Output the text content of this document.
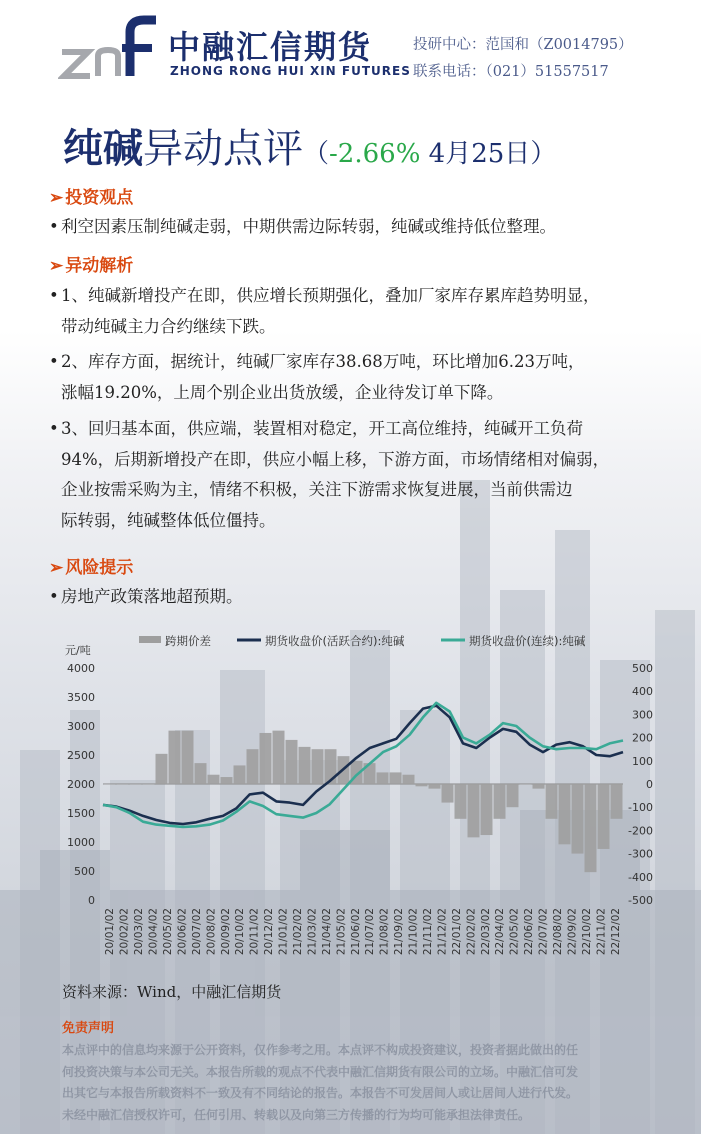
中融汇信期货
ZHONG RONG HUI XIN FUTURES
投研中心：范国和（Z0014795）
联系电话：（021）51557517
纯碱异动点评（-2.66% 4月25日）
➢ 投资观点
• 利空因素压制纯碱走弱，中期供需边际转弱，纯碱或维持低位整理。
➢ 异动解析
• 1、纯碱新增投产在即，供应增长预期强化，叠加厂家库存累库趋势明显，
带动纯碱主力合约继续下跌。
• 2、库存方面，据统计，纯碱厂家库存38.68万吨，环比增加6.23万吨，
涨幅19.20%，上周个别企业出货放缓，企业待发订单下降。
• 3、回归基本面，供应端，装置相对稳定，开工高位维持，纯碱开工负荷
94%，后期新增投产在即，供应小幅上移，下游方面，市场情绪相对偏弱，
企业按需采购为主，情绪不积极，关注下游需求恢复进展，当前供需边
际转弱，纯碱整体低位僵持。
➢ 风险提示
• 房地产政策落地超预期。
跨期价差	期货收盘价(活跃合约):纯碱	期货收盘价(连续):纯碱
元/吨
0
500
1000
1500
2000
2500
3000
3500
4000
-500
-400
-300
-200
-100
0
100
200
300
400
500
20/01/02 20/02/02 20/03/02 20/04/02 20/05/02 20/06/02 20/07/02 20/08/02 20/09/02 20/10/02 20/11/02 20/12/02 21/01/02 21/02/02 21/03/02 21/04/02 21/05/02 21/06/02 21/07/02 21/08/02 21/09/02 21/10/02 21/11/02 21/12/02 22/01/02 22/02/02 22/03/02 22/04/02 22/05/02 22/06/02 22/07/02 22/08/02 22/09/02 22/10/02 22/11/02 22/12/02
资料来源：Wind，中融汇信期货
免责声明
本点评中的信息均来源于公开资料，仅作参考之用。本点评不构成投资建议，投资者据此做出的任
何投资决策与本公司无关。本报告所载的观点不代表中融汇信期货有限公司的立场。中融汇信可发
出其它与本报告所载资料不一致及有不同结论的报告。本报告不可发居间人或让居间人进行代发。
未经中融汇信授权许可，任何引用、转载以及向第三方传播的行为均可能承担法律责任。
